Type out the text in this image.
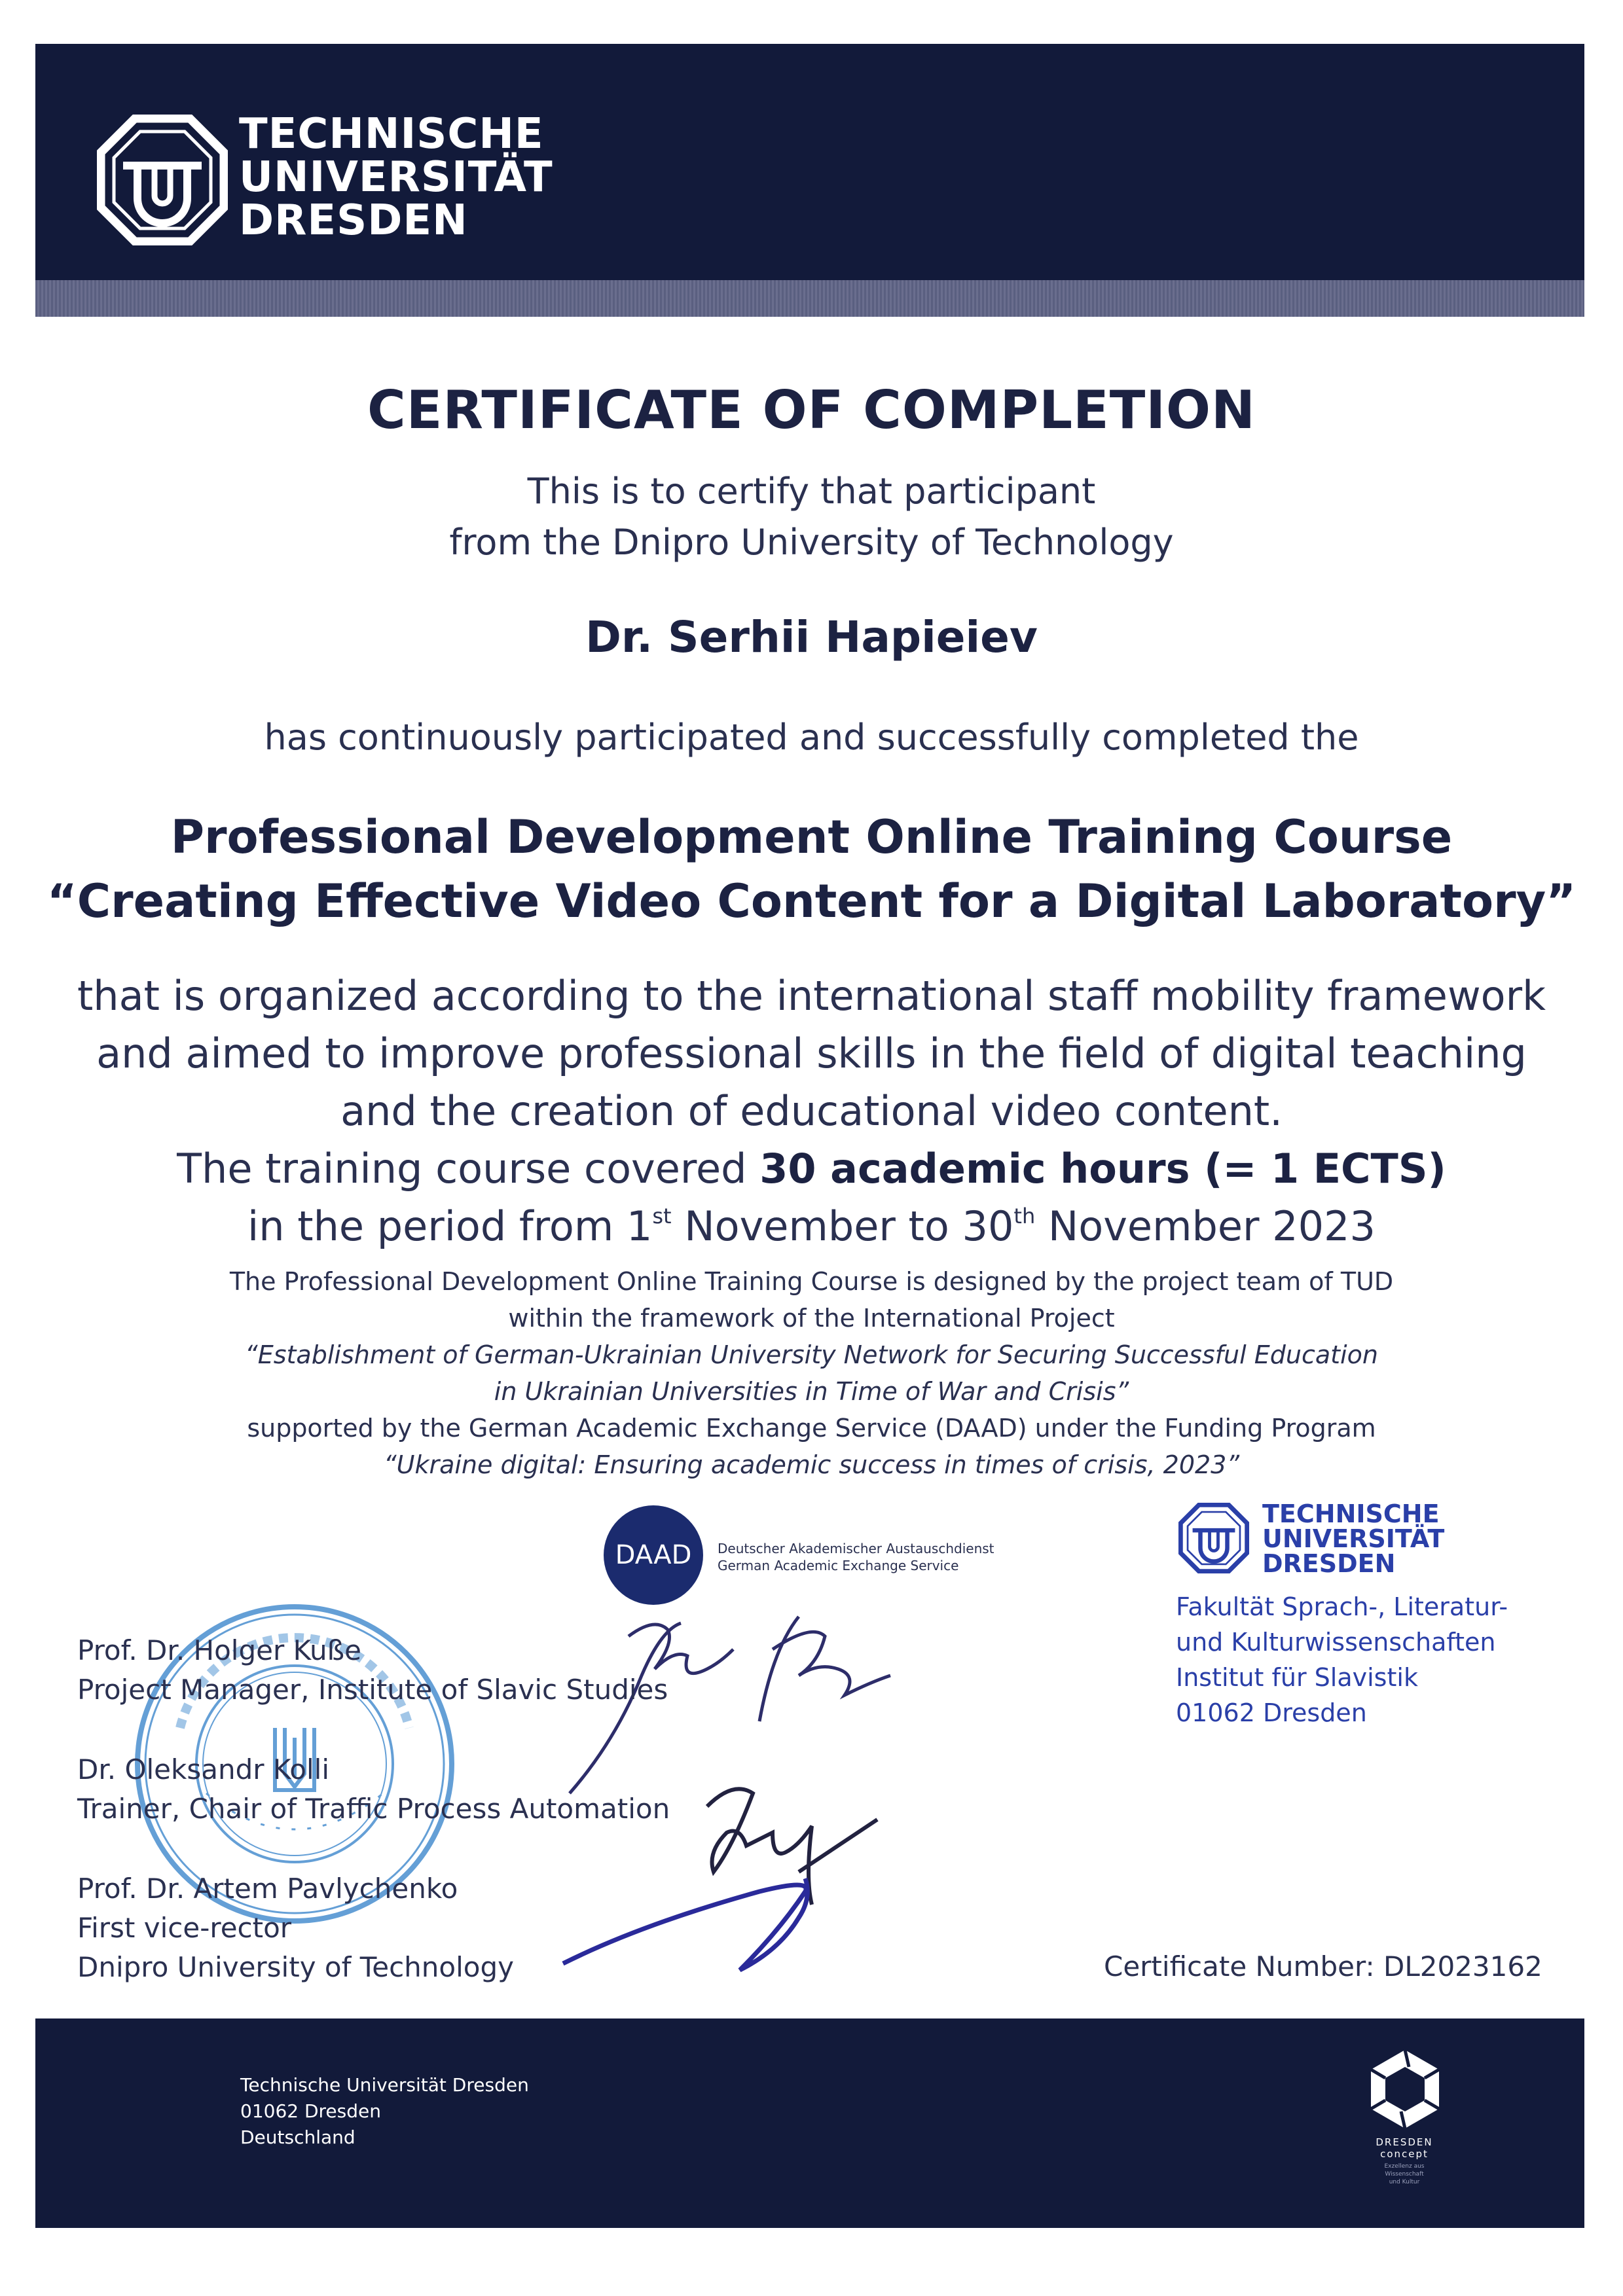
TECHNISCHE
UNIVERSITÄT
DRESDEN
CERTIFICATE OF COMPLETION
This is to certify that participant
from the Dnipro University of Technology
Dr. Serhii Hapieiev
has continuously participated and successfully completed the
Professional Development Online Training Course
“Creating Effective Video Content for a Digital Laboratory”
that is organized according to the international staff mobility framework
and aimed to improve professional skills in the field of digital teaching
and the creation of educational video content.
The training course covered 30 academic hours (= 1 ECTS)
in the period from 1st November to 30th November 2023
The Professional Development Online Training Course is designed by the project team of TUD
within the framework of the International Project
“Establishment of German-Ukrainian University Network for Securing Successful Education
in Ukrainian Universities in Time of War and Crisis”
supported by the German Academic Exchange Service (DAAD) under the Funding Program
“Ukraine digital: Ensuring academic success in times of crisis, 2023”
DAAD Deutscher Akademischer Austauschdienst
German Academic Exchange Service
TECHNISCHE
UNIVERSITÄT
DRESDEN
Fakultät Sprach-, Literatur-
und Kulturwissenschaften
Institut für Slavistik
01062 Dresden
Prof. Dr. Holger Kuße
Project Manager, Institute of Slavic Studies
Dr. Oleksandr Kolli
Trainer, Chair of Traffic Process Automation
Prof. Dr. Artem Pavlychenko
First vice-rector
Dnipro University of Technology	Certificate Number: DL2023162
Technische Universität Dresden
01062 Dresden
Deutschland	DRESDEN
concept
Exzellenz aus
Wissenschaft
und Kultur
